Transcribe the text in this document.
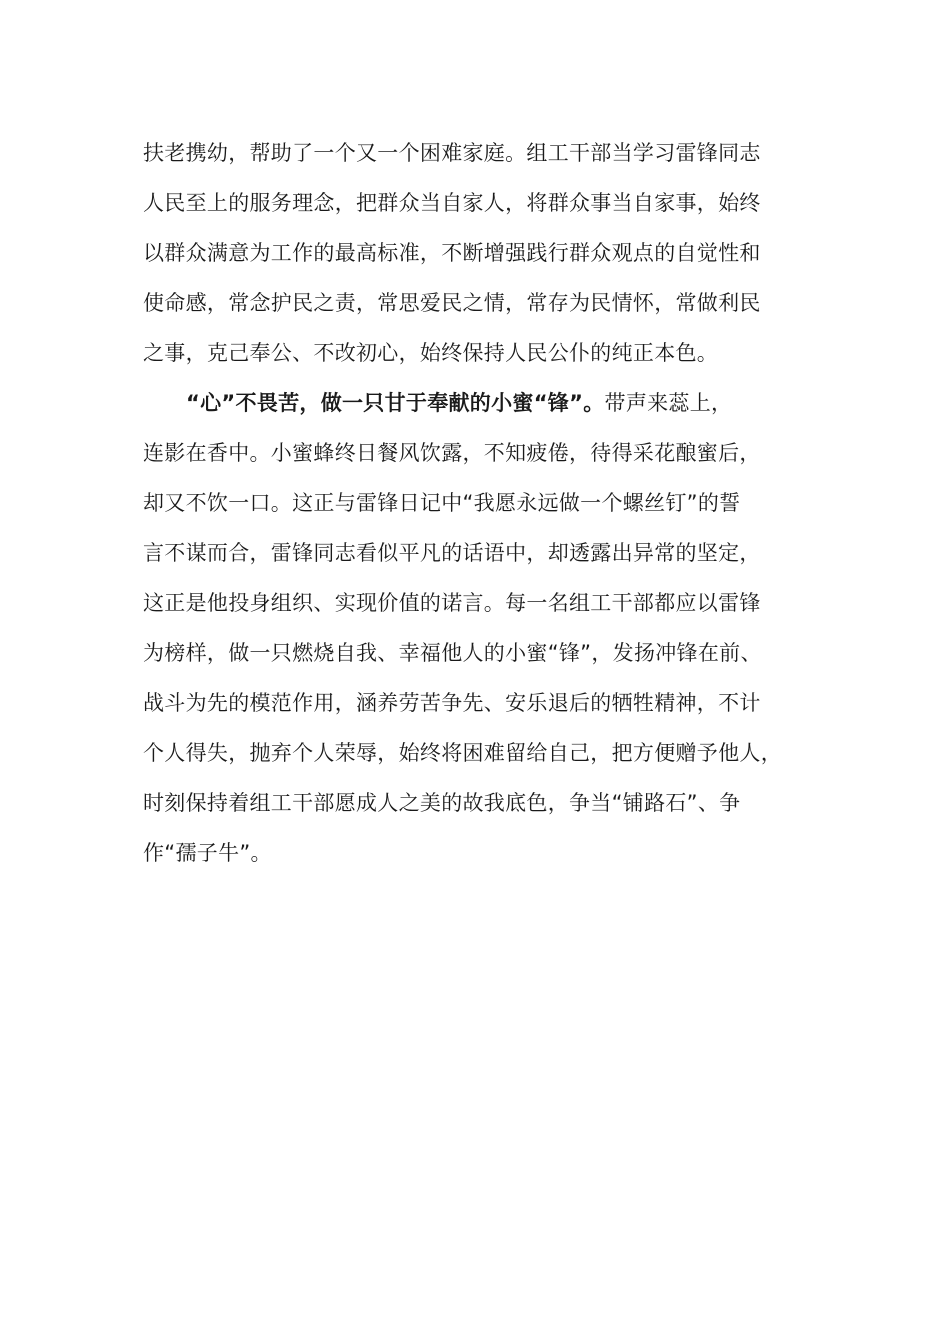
扶老携幼，帮助了一个又一个困难家庭。组工干部当学习雷锋同志
人民至上的服务理念，把群众当自家人，将群众事当自家事，始终
以群众满意为工作的最高标准，不断增强践行群众观点的自觉性和
使命感，常念护民之责，常思爱民之情，常存为民情怀，常做利民
之事，克己奉公、不改初心，始终保持人民公仆的纯正本色。
“心”不畏苦，做一只甘于奉献的小蜜“锋”。带声来蕊上，
连影在香中。小蜜蜂终日餐风饮露，不知疲倦，待得采花酿蜜后，
却又不饮一口。这正与雷锋日记中“我愿永远做一个螺丝钉”的誓
言不谋而合，雷锋同志看似平凡的话语中，却透露出异常的坚定，
这正是他投身组织、实现价值的诺言。每一名组工干部都应以雷锋
为榜样，做一只燃烧自我、幸福他人的小蜜“锋”，发扬冲锋在前、
战斗为先的模范作用，涵养劳苦争先、安乐退后的牺牲精神，不计
个人得失，抛弃个人荣辱，始终将困难留给自己，把方便赠予他人，
时刻保持着组工干部愿成人之美的故我底色，争当“铺路石”、争
作“孺子牛”。
